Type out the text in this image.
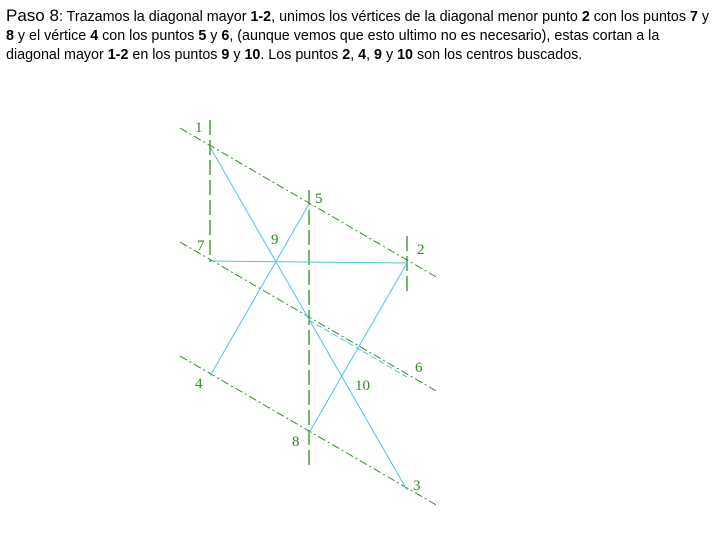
Paso 8: Trazamos la diagonal mayor 1-2, unimos los vértices de la diagonal menor punto 2 con los puntos 7 y 8 y el vértice 4 con los puntos 5 y 6, (aunque vemos que esto ultimo no es necesario), estas cortan a la diagonal mayor 1-2 en los puntos 9 y 10. Los puntos 2, 4, 9 y 10 son los centros buscados.

1
5
7	9
2
6
4	10
8
3
